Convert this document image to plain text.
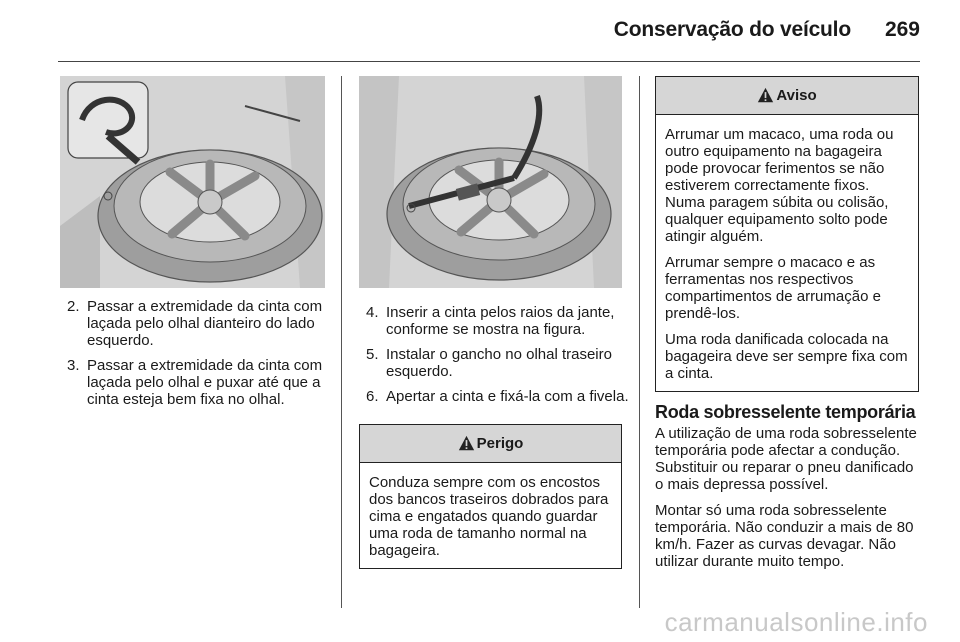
Conservação do veículo 269
2. Passar a extremidade da cinta com laçada pelo olhal dianteiro do lado esquerdo.
3. Passar a extremidade da cinta com laçada pelo olhal e puxar até que a cinta esteja bem fixa no olhal.
4. Inserir a cinta pelos raios da jante, conforme se mostra na figura.
5. Instalar o gancho no olhal traseiro esquerdo.
6. Apertar a cinta e fixá-la com a fivela.
Perigo

Conduza sempre com os encostos dos bancos traseiros dobrados para cima e engatados quando guardar uma roda de tamanho normal na bagageira.

Aviso

Arrumar um macaco, uma roda ou outro equipamento na bagageira pode provocar ferimentos se não estiverem correctamente fixos. Numa paragem súbita ou colisão, qualquer equipamento solto pode atingir alguém.

Arrumar sempre o macaco e as ferramentas nos respectivos compartimentos de arrumação e prendê-los.

Uma roda danificada colocada na bagageira deve ser sempre fixa com a cinta.

Roda sobresselente temporária

A utilização de uma roda sobresselente temporária pode afectar a condução. Substituir ou reparar o pneu danificado o mais depressa possível.

Montar só uma roda sobresselente temporária. Não conduzir a mais de 80 km/h. Fazer as curvas devagar. Não utilizar durante muito tempo.

carmanualsonline.info
